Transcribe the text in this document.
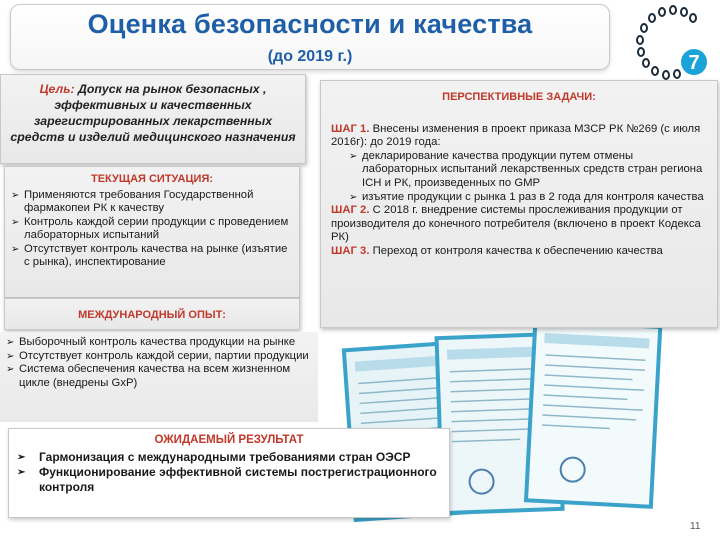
Оценка безопасности и качества
(до 2019 г.)	7
Цель: Допуск на рынок безопасных , эффективных и качественных зарегистрированных лекарственных средств и изделий медицинского назначения
ТЕКУЩАЯ СИТУАЦИЯ:
➢ Применяются требования Государственной фармакопеи РК к качеству
➢ Контроль каждой серии продукции с проведением лабораторных испытаний
➢ Отсутствует контроль качества на рынке (изъятие с рынка), инспектирование
МЕЖДУНАРОДНЫЙ ОПЫТ:
➢ Выборочный контроль качества продукции на рынке
➢ Отсутствует контроль каждой серии, партии продукции
➢ Система обеспечения качества на всем жизненном цикле (внедрены GxP)
ПЕРСПЕКТИВНЫЕ ЗАДАЧИ:
ШАГ 1. Внесены изменения в проект приказа МЗСР РК №269 (с июля 2016г): до 2019 года:
➢ декларирование качества продукции путем отмены лабораторных испытаний лекарственных средств стран региона ICH и РК, произведенных по GMP
➢ изъятие продукции с рынка 1 раз в 2 года для контроля качества
ШАГ 2. С 2018 г. внедрение системы прослеживания продукции от производителя до конечного потребителя (включено в проект Кодекса РК)
ШАГ 3. Переход от контроля качества к обеспечению качества
ОЖИДАЕМЫЙ РЕЗУЛЬТАТ
➢ Гармонизация с международными требованиями стран ОЭСР
➢ Функционирование эффективной системы пострегистрационного контроля
11
